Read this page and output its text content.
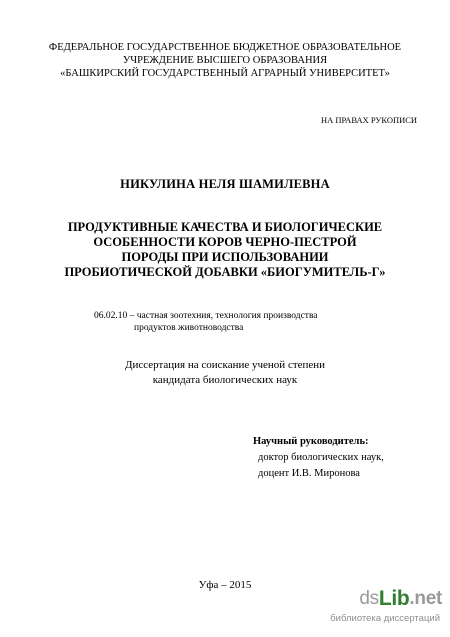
ФЕДЕРАЛЬНОЕ ГОСУДАРСТВЕННОЕ БЮДЖЕТНОЕ ОБРАЗОВАТЕЛЬНОЕ
УЧРЕЖДЕНИЕ ВЫСШЕГО ОБРАЗОВАНИЯ
«БАШКИРСКИЙ ГОСУДАРСТВЕННЫЙ АГРАРНЫЙ УНИВЕРСИТЕТ»
НА ПРАВАХ РУКОПИСИ
НИКУЛИНА НЕЛЯ ШАМИЛЕВНА
ПРОДУКТИВНЫЕ КАЧЕСТВА И БИОЛОГИЧЕСКИЕ
ОСОБЕННОСТИ КОРОВ ЧЕРНО-ПЕСТРОЙ
ПОРОДЫ ПРИ ИСПОЛЬЗОВАНИИ
ПРОБИОТИЧЕСКОЙ ДОБАВКИ «БИОГУМИТЕЛЬ-Г»
06.02.10 – частная зоотехния, технология производства
продуктов животноводства
Диссертация на соискание ученой степени
кандидата биологических наук
Научный руководитель:
доктор биологических наук,
доцент И.В. Миронова
Уфа – 2015
ds Lib .net
библиотека диссертаций
